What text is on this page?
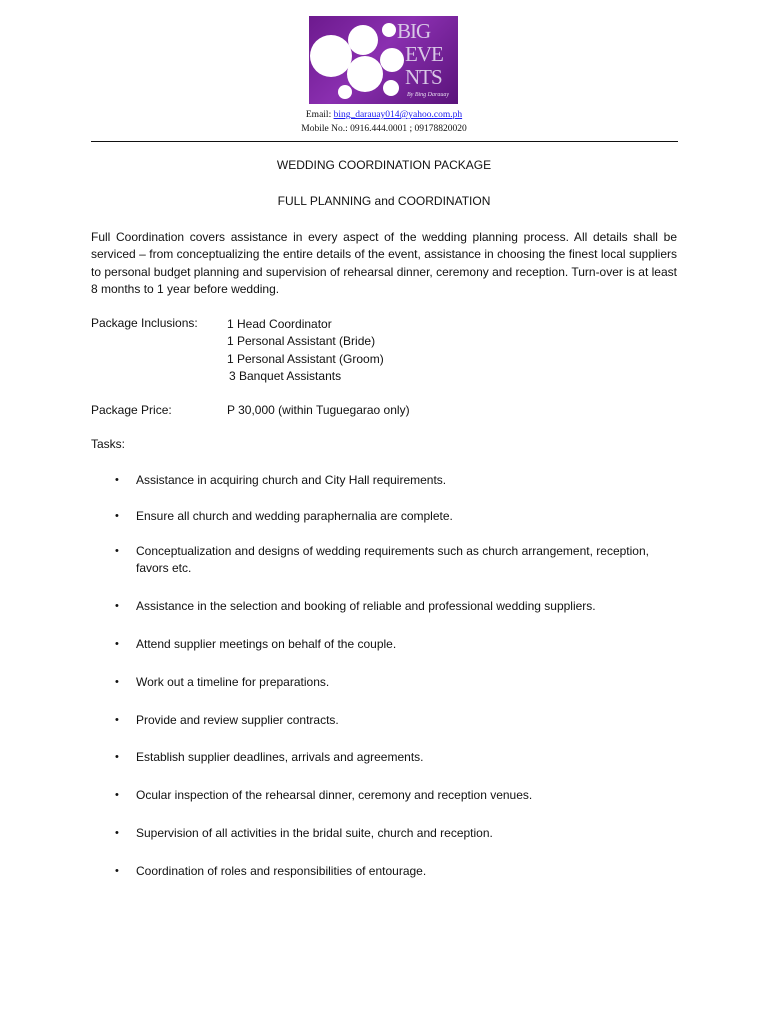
BIG
EVE
NTS
By Bing Darauay
Email: bing_darauay014@yahoo.com.ph
Mobile No.: 0916.444.0001 ; 09178820020
WEDDING COORDINATION PACKAGE
FULL PLANNING and COORDINATION
Full Coordination covers assistance in every aspect of the wedding planning process. All details shall be serviced – from conceptualizing the entire details of the event, assistance in choosing the finest local suppliers to personal budget planning and supervision of rehearsal dinner, ceremony and reception. Turn-over is at least 8 months to 1 year before wedding.
Package Inclusions: 1 Head Coordinator
1 Personal Assistant (Bride)
1 Personal Assistant (Groom)
3 Banquet Assistants
Package Price:	P 30,000 (within Tuguegarao only)
Tasks:
•	Assistance in acquiring church and City Hall requirements.
•	Ensure all church and wedding paraphernalia are complete.
•	Conceptualization and designs of wedding requirements such as church arrangement, reception, favors etc.
•	Assistance in the selection and booking of reliable and professional wedding suppliers.
•	Attend supplier meetings on behalf of the couple.
•	Work out a timeline for preparations.
•	Provide and review supplier contracts.
•	Establish supplier deadlines, arrivals and agreements.
•	Ocular inspection of the rehearsal dinner, ceremony and reception venues.
•	Supervision of all activities in the bridal suite, church and reception.
•	Coordination of roles and responsibilities of entourage.
